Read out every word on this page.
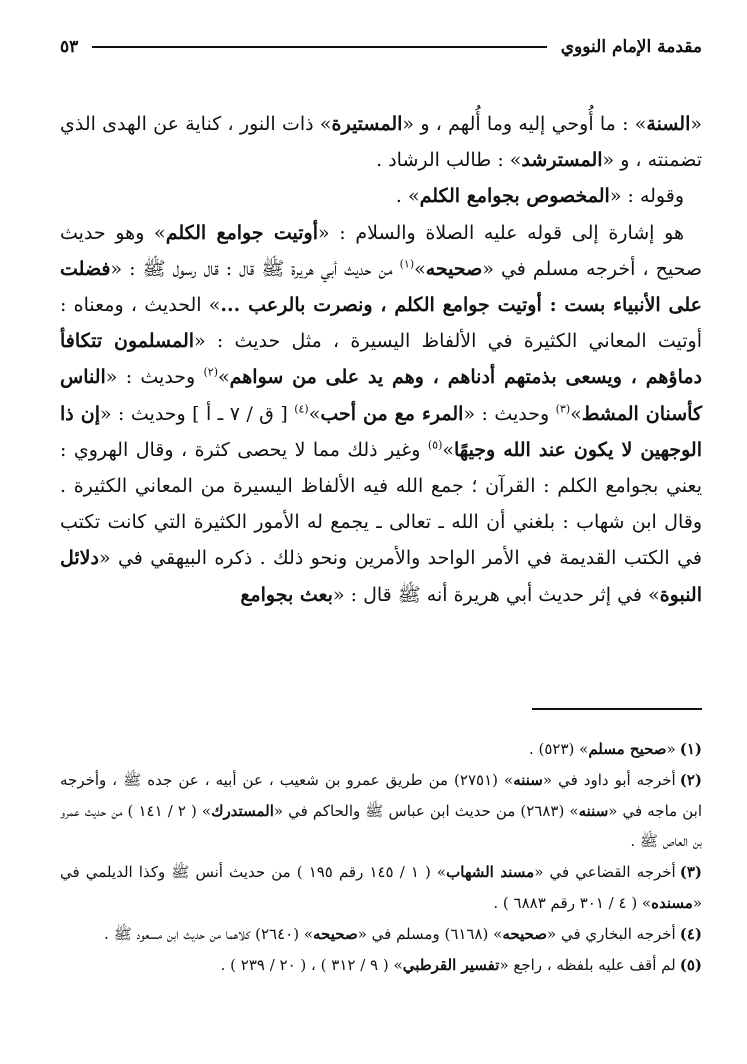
مقدمة الإمام النووي
٥٣

«السنة» : ما أُوحي إليه وما أُلهم ، و «المستيرة» ذات النور ، كناية عن الهدى الذي تضمنته ، و «المسترشد» : طالب الرشاد .

وقوله : «المخصوص بجوامع الكلم» .

هو إشارة إلى قوله عليه الصلاة والسلام : «أوتيت جوامع الكلم» وهو حديث صحيح ، أخرجه مسلم في «صحيحه»$^{(١)}$ من حديث أبي هريرة ﷺ قال : قال رسول ﷺ : «فضلت على الأنبياء بست : أوتيت جوامع الكلم ، ونصرت بالرعب ...» الحديث ، ومعناه : أوتيت المعاني الكثيرة في الألفاظ اليسيرة ، مثل حديث : «المسلمون تتكافأ دماؤهم ، ويسعى بذمتهم أدناهم ، وهم يد على من سواهم»$^{(٢)}$ وحديث : «الناس كأسنان المشط»$^{(٣)}$ وحديث : «المرء مع من أحب»$^{(٤)}$ [ ق / ٧ ـ أ ] وحديث : «إن ذا الوجهين لا يكون عند الله وجيهًا»$^{(٥)}$ وغير ذلك مما لا يحصى كثرة ، وقال الهروي : يعني بجوامع الكلم : القرآن ؛ جمع الله فيه الألفاظ اليسيرة من المعاني الكثيرة . وقال ابن شهاب : بلغني أن الله ـ تعالى ـ يجمع له الأمور الكثيرة التي كانت تكتب في الكتب القديمة في الأمر الواحد والأمرين ونحو ذلك . ذكره البيهقي في «دلائل النبوة» في إثر حديث أبي هريرة أنه ﷺ قال : «بعث بجوامع

(١)«صحيح مسلم» (٥٢٣) .

(٢)أخرجه أبو داود في «سننه» (٢٧٥١) من طريق عمرو بن شعيب ، عن أبيه ، عن جده ﷺ ، وأخرجه ابن ماجه في «سننه» (٢٦٨٣) من حديث ابن عباس ﷺ والحاكم في «المستدرك» ( ٢ / ١٤١ ) من حديث عمرو بن العاص ﷺ .

(٣)أخرجه القضاعي في «مسند الشهاب» ( ١ / ١٤٥ رقم ١٩٥ ) من حديث أنس ﷺ وكذا الديلمي في «مسنده» ( ٤ / ٣٠١ رقم ٦٨٨٣ ) .

(٤)أخرجه البخاري في «صحيحه» (٦١٦٨) ومسلم في «صحيحه» (٢٦٤٠) كلاهما من حديث ابن مسعود ﷺ .

(٥)لم أقف عليه بلفظه ، راجع «تفسير القرطبي» ( ٩ / ٣١٢ ) ، ( ٢٠ / ٢٣٩ ) .
